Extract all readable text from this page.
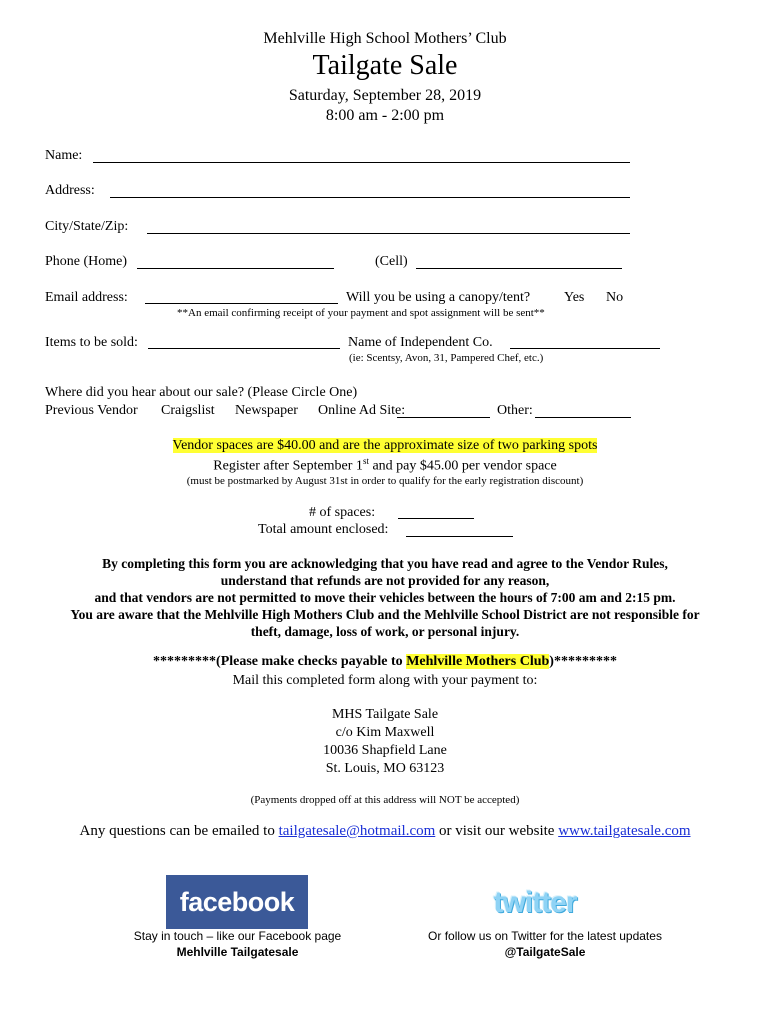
Mehlville High School Mothers’ Club
Tailgate Sale
Saturday, September 28, 2019
8:00 am - 2:00 pm
Name:
Address:
City/State/Zip:
Phone (Home)	(Cell)
Email address:	Will you be using a canopy/tent? Yes No
**An email confirming receipt of your payment and spot assignment will be sent**
Items to be sold:	Name of Independent Co.
(ie: Scentsy, Avon, 31, Pampered Chef, etc.)
Where did you hear about our sale? (Please Circle One)
Previous Vendor Craigslist Newspaper Online Ad Site:	Other:
Vendor spaces are $40.00 and are the approximate size of two parking spots
Register after September 1st and pay $45.00 per vendor space
(must be postmarked by August 31st in order to qualify for the early registration discount)
# of spaces:
Total amount enclosed:
By completing this form you are acknowledging that you have read and agree to the Vendor Rules,
understand that refunds are not provided for any reason,
and that vendors are not permitted to move their vehicles between the hours of 7:00 am and 2:15 pm.
You are aware that the Mehlville High Mothers Club and the Mehlville School District are not responsible for
theft, damage, loss of work, or personal injury.
*********(Please make checks payable to Mehlville Mothers Club)*********
Mail this completed form along with your payment to:
MHS Tailgate Sale
c/o Kim Maxwell
10036 Shapfield Lane
St. Louis, MO 63123
(Payments dropped off at this address will NOT be accepted)
Any questions can be emailed to tailgatesale@hotmail.com or visit our website www.tailgatesale.com
facebook	twitter
Stay in touch – like our Facebook page
Mehlville Tailgatesale
Or follow us on Twitter for the latest updates
@TailgateSale
